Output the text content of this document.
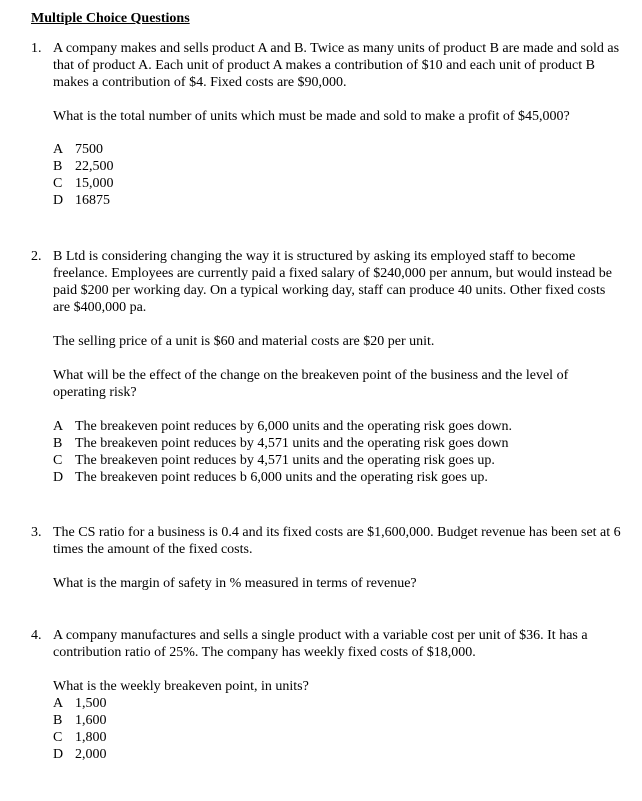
Multiple Choice Questions
1. A company makes and sells product A and B. Twice as many units of product B are made and sold as that of product A. Each unit of product A makes a contribution of $10 and each unit of product B makes a contribution of $4. Fixed costs are $90,000.

What is the total number of units which must be made and sold to make a profit of $45,000?

A 7500
B 22,500
C 15,000
D 16875
2. B Ltd is considering changing the way it is structured by asking its employed staff to become freelance. Employees are currently paid a fixed salary of $240,000 per annum, but would instead be paid $200 per working day. On a typical working day, staff can produce 40 units. Other fixed costs are $400,000 pa.

The selling price of a unit is $60 and material costs are $20 per unit.

What will be the effect of the change on the breakeven point of the business and the level of operating risk?

A The breakeven point reduces by 6,000 units and the operating risk goes down.
B The breakeven point reduces by 4,571 units and the operating risk goes down
C The breakeven point reduces by 4,571 units and the operating risk goes up.
D The breakeven point reduces b 6,000 units and the operating risk goes up.
3. The CS ratio for a business is 0.4 and its fixed costs are $1,600,000. Budget revenue has been set at 6 times the amount of the fixed costs.

What is the margin of safety in % measured in terms of revenue?

4. A company manufactures and sells a single product with a variable cost per unit of $36. It has a contribution ratio of 25%. The company has weekly fixed costs of $18,000.

What is the weekly breakeven point, in units?

A 1,500
B 1,600
C 1,800
D 2,000
